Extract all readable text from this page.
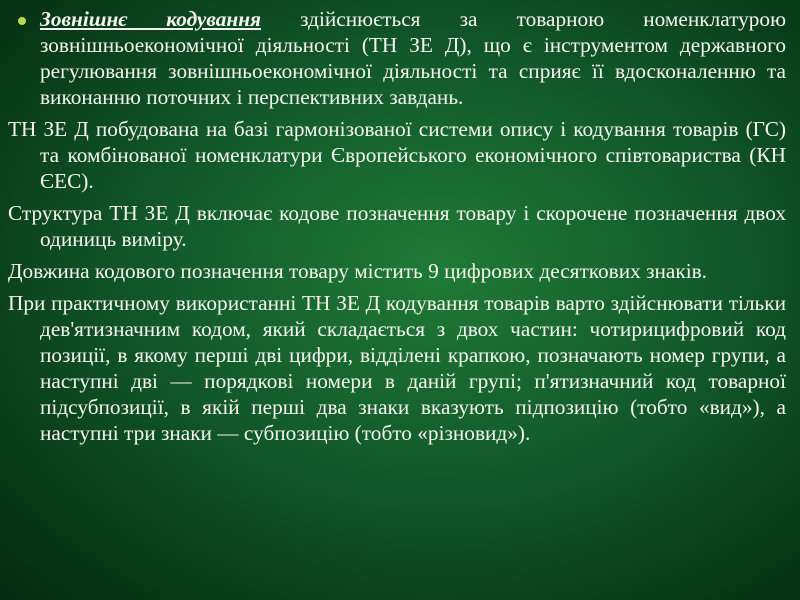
Зовнішнє кодування здійснюється за товарною номенклатурою зовнішньоекономічної діяльності (ТН ЗЕ Д), що є інструментом державного регулювання зовнішньоекономічної діяльності та сприяє її вдосконаленню та виконанню поточних і перспективних завдань.

ТН ЗЕ Д побудована на базі гармонізованої системи опису і кодування товарів (ГС) та комбінованої номенклатури Європейського економічного співтовариства (КН ЄЕС).

Структура ТН ЗЕ Д включає кодове позначення товару і скорочене позначення двох одиниць виміру.

Довжина кодового позначення товару містить 9 цифрових десяткових знаків.

При практичному використанні ТН ЗЕ Д кодування товарів варто здійснювати тільки дев'ятизначним кодом, який складається з двох частин: чотирицифровий код позиції, в якому перші дві цифри, відділені крапкою, позначають номер групи, а наступні дві — порядкові номери в даній групі; п'ятизначний код товарної підсубпозиції, в якій перші два знаки вказують підпозицію (тобто «вид»), а наступні три знаки — субпозицію (тобто «різновид»).
